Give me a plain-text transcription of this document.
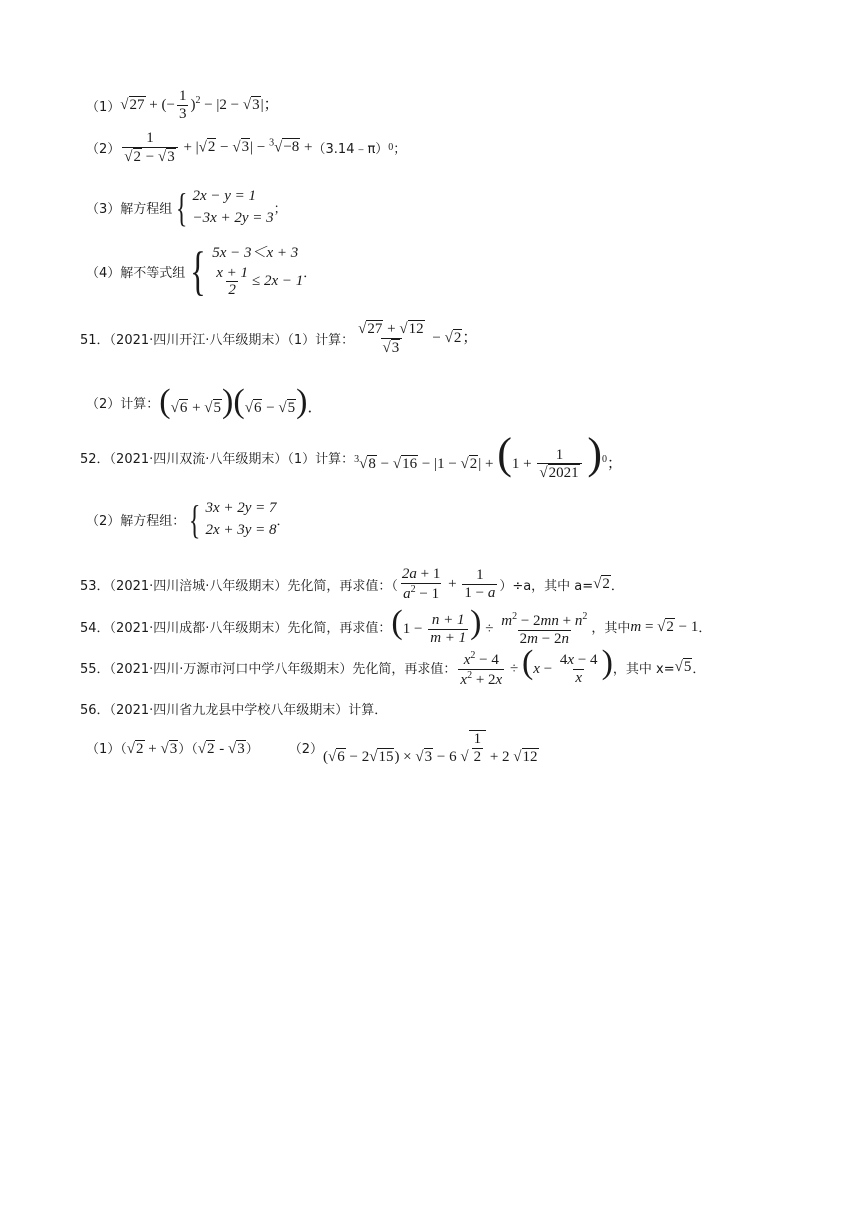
（1） √27 + (− $\frac{1}{3} )^2 - |2 - √3|$；
$(2) \frac{1}{√2 - √3} + |√2 - √3| - ^3√-8$ + （3.14﹣π） 0 ；
（3）解方程组 { 2x − y = 1
−3x + 2y = 3 ；
（4）解不等式组 { 5x − 3＜x + 3
$\frac{x + 1}{2} \le 2x - 1$ ．
51．（2021·四川开江·八年级期末）（1）计算： $\frac{√27 + √12}{√3} - √2$；
（2）计算： (√6 + √5)(√6 − √5)．
52．（2021·四川双流·八年级期末）（1）计算： $^3√8 - √16 - |1 - √2| + (1 + \frac{1}{√2021} )^0$；
（2）解方程组： { 3x + 2y = 7
2x + 3y = 8 ．
53．（2021·四川涪城·八年级期末）先化简，再求值：（ $\frac{2a + 1}{a^2 - 1} + \frac{1}{1 - a} )\div a$，其中 a= √2 ．
54．（2021·四川成都·八年级期末）先化简，再求值： ($1 - \frac{n + 1}{m + 1}$ ) ÷ $\frac{m^2 - 2mn + n^2}{2m - 2n}$ ，其中 m = √2 − 1 ．
55．（2021·四川·万源市河口中学八年级期末）先化简，再求值： $\frac{x^2 - 4}{x^2 + 2x} \div (x - \frac{4x - 4}{x}$ ) ，其中 x= √5 ．
56．（2021·四川省九龙县中学校八年级期末）计算．
（1）（ √2 + √3）（√2 - √3） （2） (√6 − 2√15) × √3 − 6 √ $\frac{1}{2} + 2$ √12
